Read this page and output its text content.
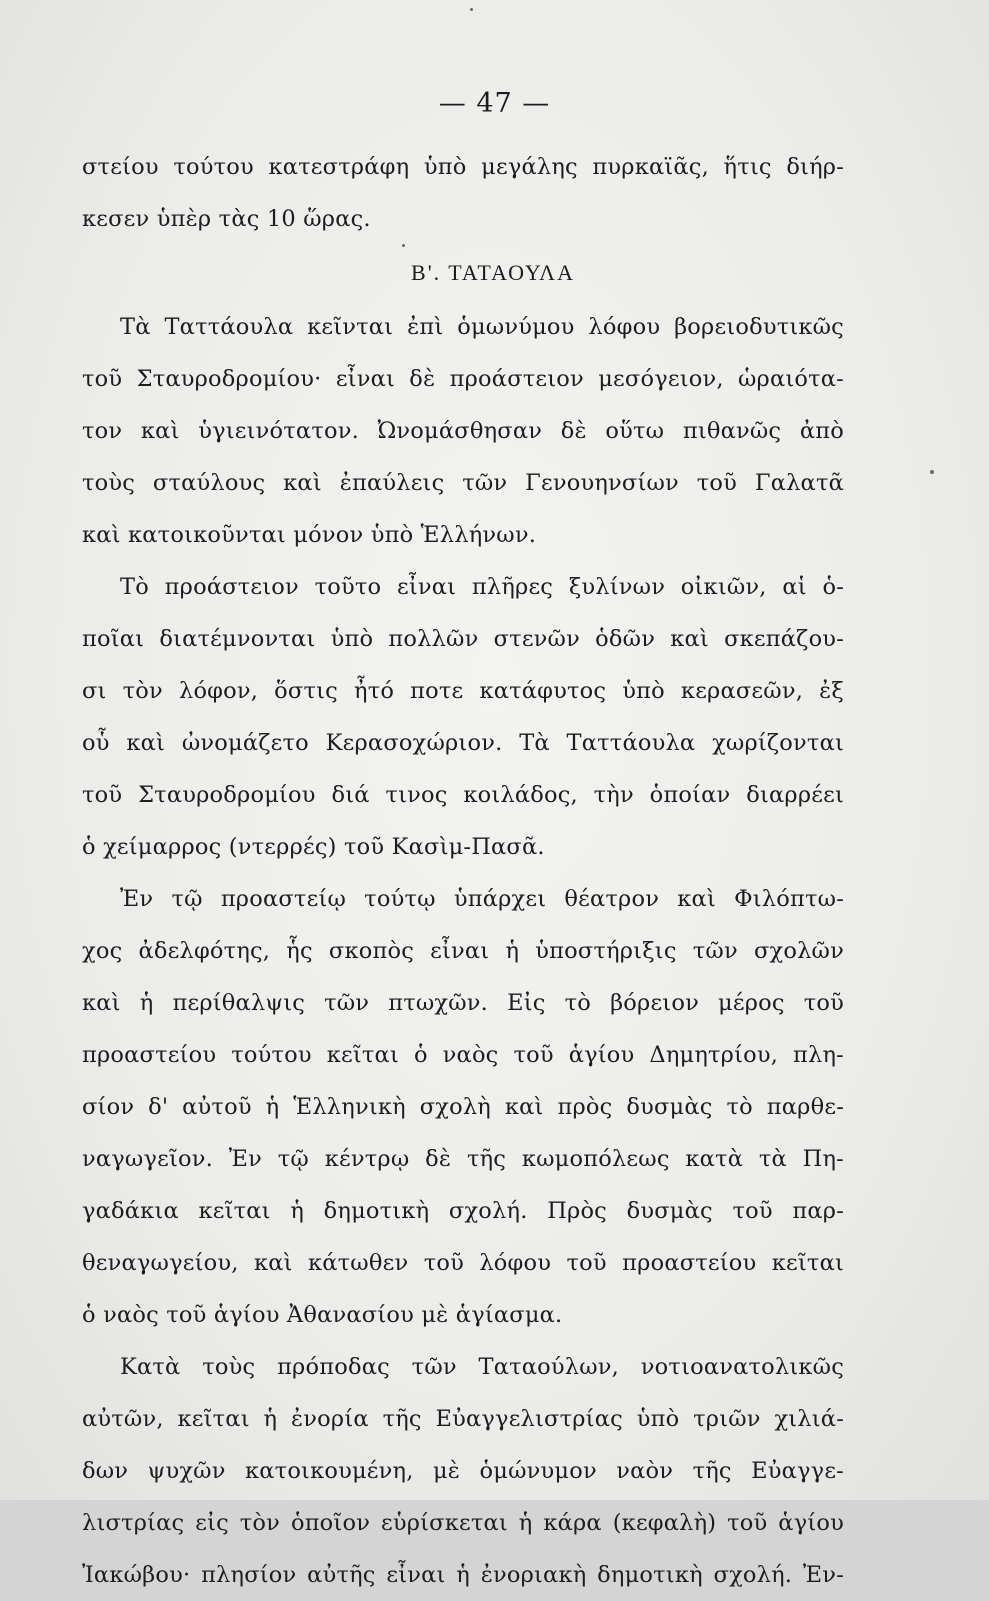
— 47 —
στείου τούτου κατεστράφη ὑπὸ μεγάλης πυρκαϊᾶς, ἥτις διήρ-
κεσεν ὑπὲρ τὰς 10 ὥρας.
Β'. ΤΑΤΑΟΥΛΑ
Τὰ Ταττάουλα κεῖνται ἐπὶ ὁμωνύμου λόφου βορειοδυτικῶς
τοῦ Σταυροδρομίου· εἶναι δὲ προάστειον μεσόγειον, ὡραιότα-
τον καὶ ὑγιεινότατον. Ὠνομάσθησαν δὲ οὕτω πιθανῶς ἀπὸ
τοὺς σταύλους καὶ ἐπαύλεις τῶν Γενουηνσίων τοῦ Γαλατᾶ
καὶ κατοικοῦνται μόνον ὑπὸ Ἑλλήνων.
Τὸ προάστειον τοῦτο εἶναι πλῆρες ξυλίνων οἰκιῶν, αἱ ὁ-
ποῖαι διατέμνονται ὑπὸ πολλῶν στενῶν ὁδῶν καὶ σκεπάζου-
σι τὸν λόφον, ὅστις ἦτό ποτε κατάφυτος ὑπὸ κερασεῶν, ἐξ
οὗ καὶ ὠνομάζετο Κερασοχώριον. Τὰ Ταττάουλα χωρίζονται
τοῦ Σταυροδρομίου διά τινος κοιλάδος, τὴν ὁποίαν διαρρέει
ὁ χείμαρρος (ντερρές) τοῦ Κασὶμ-Πασᾶ.
Ἐν τῷ προαστείῳ τούτῳ ὑπάρχει θέατρον καὶ Φιλόπτω-
χος ἀδελφότης, ἧς σκοπὸς εἶναι ἡ ὑποστήριξις τῶν σχολῶν
καὶ ἡ περίθαλψις τῶν πτωχῶν. Εἰς τὸ βόρειον μέρος τοῦ
προαστείου τούτου κεῖται ὁ ναὸς τοῦ ἁγίου Δημητρίου, πλη-
σίον δ' αὐτοῦ ἡ Ἑλληνικὴ σχολὴ καὶ πρὸς δυσμὰς τὸ παρθε-
ναγωγεῖον. Ἐν τῷ κέντρῳ δὲ τῆς κωμοπόλεως κατὰ τὰ Πη-
γαδάκια κεῖται ἡ δημοτικὴ σχολή. Πρὸς δυσμὰς τοῦ παρ-
θεναγωγείου, καὶ κάτωθεν τοῦ λόφου τοῦ προαστείου κεῖται
ὁ ναὸς τοῦ ἁγίου Ἀθανασίου μὲ ἁγίασμα.
Κατὰ τοὺς πρόποδας τῶν Ταταούλων, νοτιοανατολικῶς
αὐτῶν, κεῖται ἡ ἐνορία τῆς Εὐαγγελιστρίας ὑπὸ τριῶν χιλιά-
δων ψυχῶν κατοικουμένη, μὲ ὁμώνυμον ναὸν τῆς Εὐαγγε-
λιστρίας εἰς τὸν ὁποῖον εὑρίσκεται ἡ κάρα (κεφαλὴ) τοῦ ἁγίου
Ἰακώβου· πλησίον αὐτῆς εἶναι ἡ ἐνοριακὴ δημοτικὴ σχολή. Ἐν-
